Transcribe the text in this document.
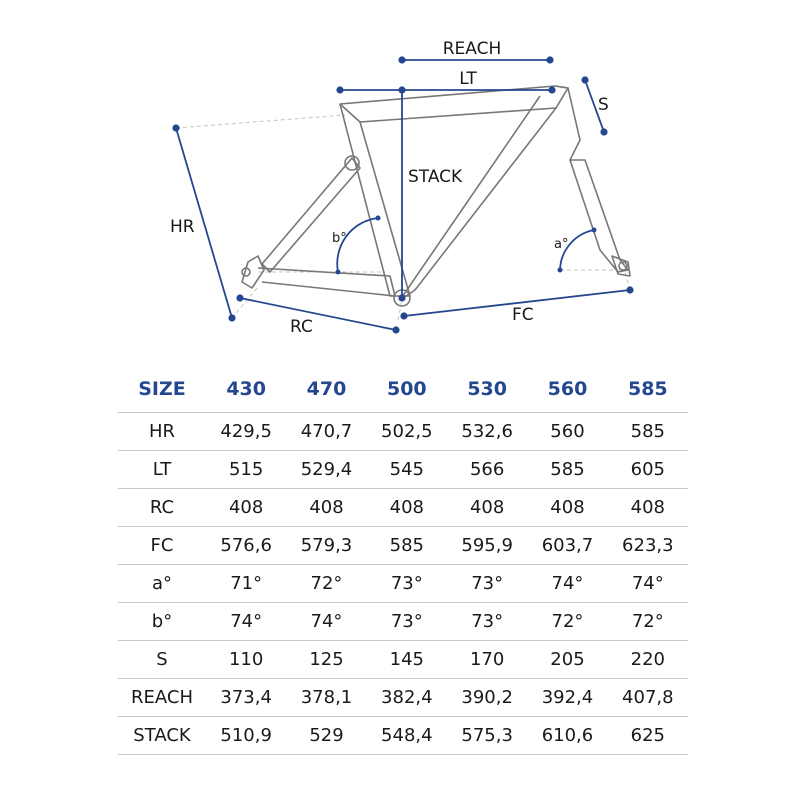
REACH
LT
S
STACK
HR
b°	a°
RC
FC
SIZE	430	470	500	530	560	585
HR	429,5	470,7	502,5	532,6	560	585
LT	515	529,4	545	566	585	605
RC	408	408	408	408	408	408
FC	576,6	579,3	585	595,9	603,7	623,3
a°	71°	72°	73°	73°	74°	74°
b°	74°	74°	73°	73°	72°	72°
S	110	125	145	170	205	220
REACH	373,4	378,1	382,4	390,2	392,4	407,8
STACK	510,9	529	548,4	575,3	610,6	625
